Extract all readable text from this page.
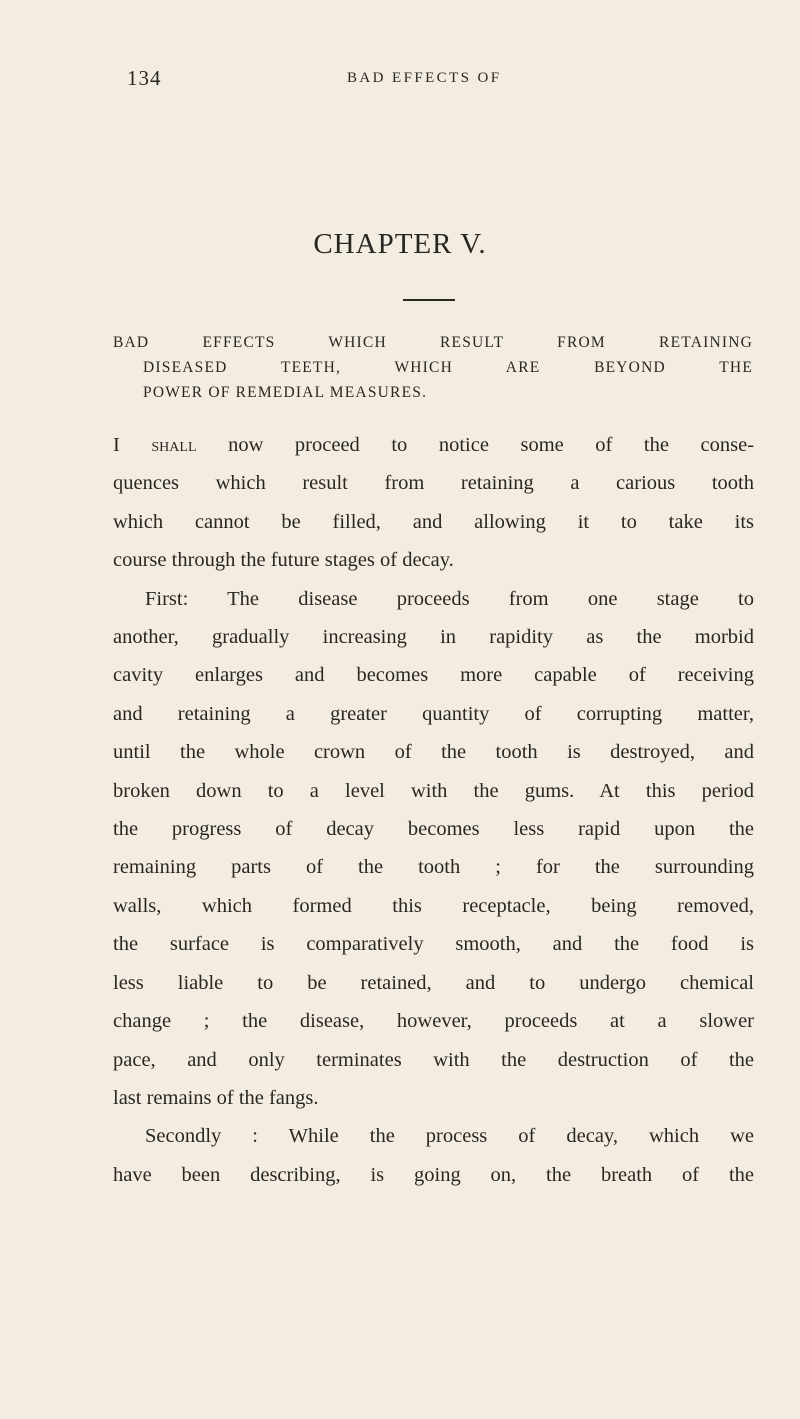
134	BAD EFFECTS OF
CHAPTER V.
BAD EFFECTS WHICH RESULT FROM RETAINING
DISEASED TEETH, WHICH ARE BEYOND THE
POWER OF REMEDIAL MEASURES.
I shall now proceed to notice some of the conse-
quences which result from retaining a carious tooth
which cannot be filled, and allowing it to take its
course through the future stages of decay.
First: The disease proceeds from one stage to
another, gradually increasing in rapidity as the morbid
cavity enlarges and becomes more capable of receiving
and retaining a greater quantity of corrupting matter,
until the whole crown of the tooth is destroyed, and
broken down to a level with the gums. At this period
the progress of decay becomes less rapid upon the
remaining parts of the tooth ; for the surrounding
walls, which formed this receptacle, being removed,
the surface is comparatively smooth, and the food is
less liable to be retained, and to undergo chemical
change ; the disease, however, proceeds at a slower
pace, and only terminates with the destruction of the
last remains of the fangs.
Secondly : While the process of decay, which we
have been describing, is going on, the breath of the
